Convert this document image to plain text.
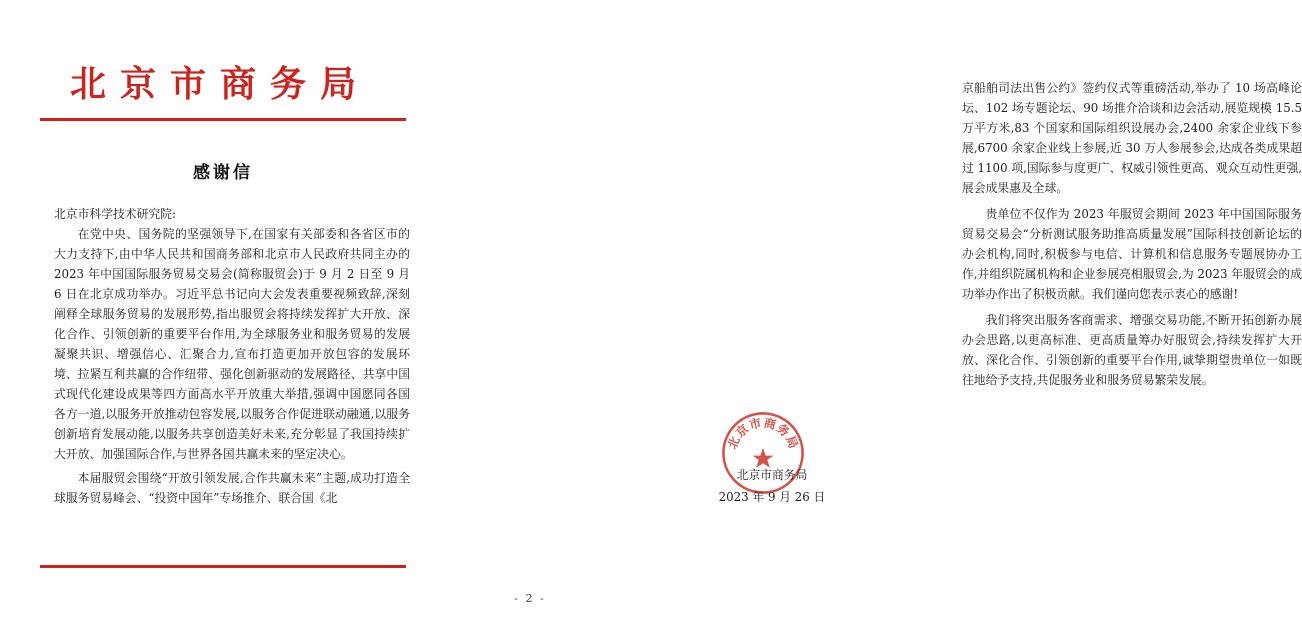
北京市商务局
感谢信

北京市科学技术研究院:

在党中央、国务院的坚强领导下,在国家有关部委和各省区市的大力支持下,由中华人民共和国商务部和北京市人民政府共同主办的 2023 年中国国际服务贸易交易会(简称服贸会)于 9 月 2 日至 9 月 6 日在北京成功举办。习近平总书记向大会发表重要视频致辞,深刻阐释全球服务贸易的发展形势,指出服贸会将持续发挥扩大开放、深化合作、引领创新的重要平台作用,为全球服务业和服务贸易的发展凝聚共识、增强信心、汇聚合力,宣布打造更加开放包容的发展环境、拉紧互利共赢的合作纽带、强化创新驱动的发展路径、共享中国式现代化建设成果等四方面高水平开放重大举措,强调中国愿同各国各方一道,以服务开放推动包容发展,以服务合作促进联动融通,以服务创新培育发展动能,以服务共享创造美好未来,充分彰显了我国持续扩大开放、加强国际合作,与世界各国共赢未来的坚定决心。

本届服贸会围绕“开放引领发展,合作共赢未来”主题,成功打造全球服务贸易峰会、“投资中国年”专场推介、联合国《北

京船舶司法出售公约》签约仪式等重磅活动,举办了 10 场高峰论坛、102 场专题论坛、90 场推介洽谈和边会活动,展览规模 15.5 万平方米,83 个国家和国际组织设展办会,2400 余家企业线下参展,6700 余家企业线上参展,近 30 万人参展参会,达成各类成果超过 1100 项,国际参与度更广、权威引领性更高、观众互动性更强,展会成果惠及全球。

贵单位不仅作为 2023 年服贸会期间 2023 年中国国际服务贸易交易会“分析测试服务助推高质量发展”国际科技创新论坛的办会机构,同时,积极参与电信、计算机和信息服务专题展协办工作,并组织院属机构和企业参展亮相服贸会,为 2023 年服贸会的成功举办作出了积极贡献。我们谨向您表示衷心的感谢!

我们将突出服务客商需求、增强交易功能,不断开拓创新办展办会思路,以更高标准、更高质量筹办好服贸会,持续发挥扩大开放、深化合作、引领创新的重要平台作用,诚挚期望贵单位一如既往地给予支持,共促服务业和服务贸易繁荣发展。

北京市商务局
北京市商务局
2023 年 9 月 26 日
- 2 -
